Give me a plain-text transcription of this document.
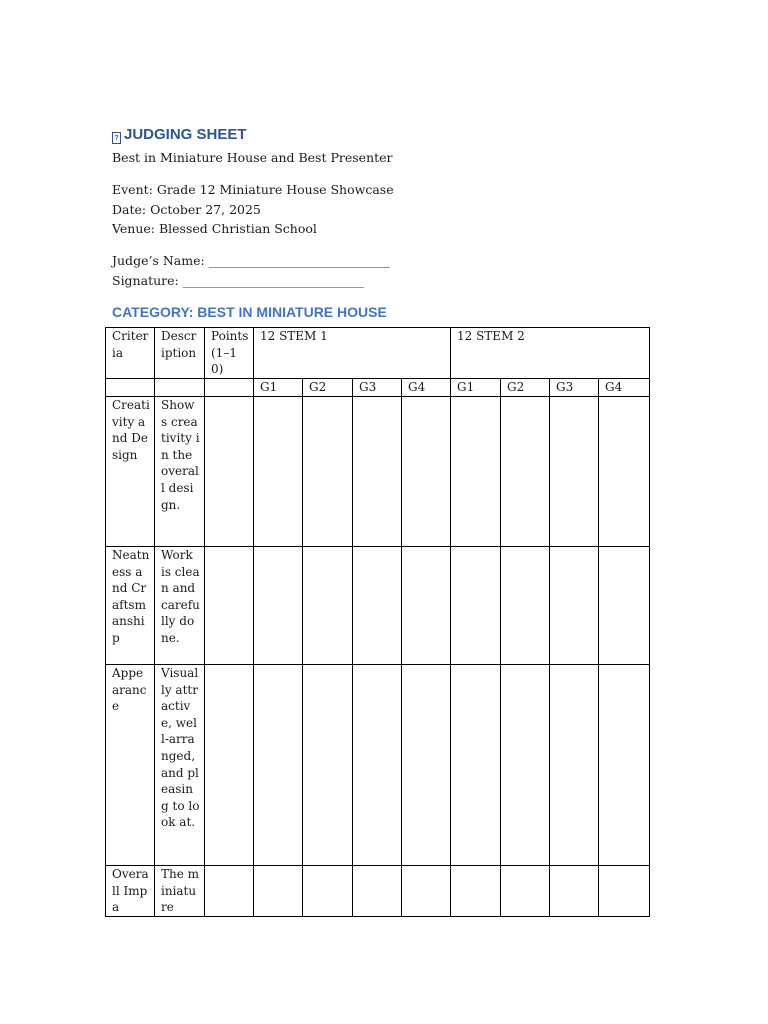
? JUDGING SHEET
Best in Miniature House and Best Presenter
Event: Grade 12 Miniature House Showcase
Date: October 27, 2025
Venue: Blessed Christian School
Judge’s Name: _____________________________
Signature: _____________________________
CATEGORY: BEST IN MINIATURE HOUSE
Criteria	Description	Points (1–10)	12 STEM 1				12 STEM 2			
			G1	G2	G3	G4	G1	G2	G3	G4
Creativity and Design	Shows creativity in the overall design.									
Neatness and Craftsmanship	Work is clean and carefully done.									
Appearance	Visually attractive, well-arranged, and pleasing to look at.									
Overall Impa	The miniature									
